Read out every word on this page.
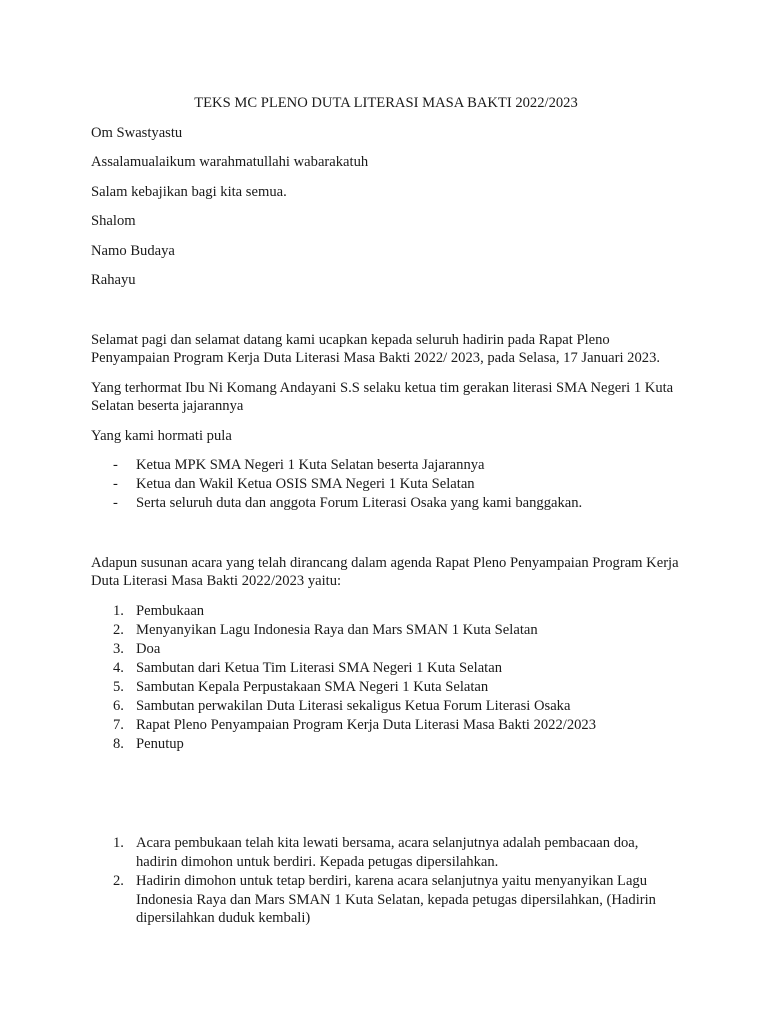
TEKS MC PLENO DUTA LITERASI MASA BAKTI 2022/2023

Om Swastyastu

Assalamualaikum warahmatullahi wabarakatuh

Salam kebajikan bagi kita semua.

Shalom

Namo Budaya

Rahayu

Selamat pagi dan selamat datang kami ucapkan kepada seluruh hadirin pada Rapat Pleno Penyampaian Program Kerja Duta Literasi Masa Bakti 2022/ 2023, pada Selasa, 17 Januari 2023.

Yang terhormat Ibu Ni Komang Andayani S.S selaku ketua tim gerakan literasi SMA Negeri 1 Kuta Selatan beserta jajarannya

Yang kami hormati pula

- Ketua MPK SMA Negeri 1 Kuta Selatan beserta Jajarannya
- Ketua dan Wakil Ketua OSIS SMA Negeri 1 Kuta Selatan
- Serta seluruh duta dan anggota Forum Literasi Osaka yang kami banggakan.

Adapun susunan acara yang telah dirancang dalam agenda Rapat Pleno Penyampaian Program Kerja Duta Literasi Masa Bakti 2022/2023 yaitu:

1. Pembukaan
2. Menyanyikan Lagu Indonesia Raya dan Mars SMAN 1 Kuta Selatan
3. Doa
4. Sambutan dari Ketua Tim Literasi SMA Negeri 1 Kuta Selatan
5. Sambutan Kepala Perpustakaan SMA Negeri 1 Kuta Selatan
6. Sambutan perwakilan Duta Literasi sekaligus Ketua Forum Literasi Osaka
7. Rapat Pleno Penyampaian Program Kerja Duta Literasi Masa Bakti 2022/2023
8. Penutup
1. Acara pembukaan telah kita lewati bersama, acara selanjutnya adalah pembacaan doa, hadirin dimohon untuk berdiri. Kepada petugas dipersilahkan.
2. Hadirin dimohon untuk tetap berdiri, karena acara selanjutnya yaitu menyanyikan Lagu Indonesia Raya dan Mars SMAN 1 Kuta Selatan, kepada petugas dipersilahkan, (Hadirin dipersilahkan duduk kembali)
